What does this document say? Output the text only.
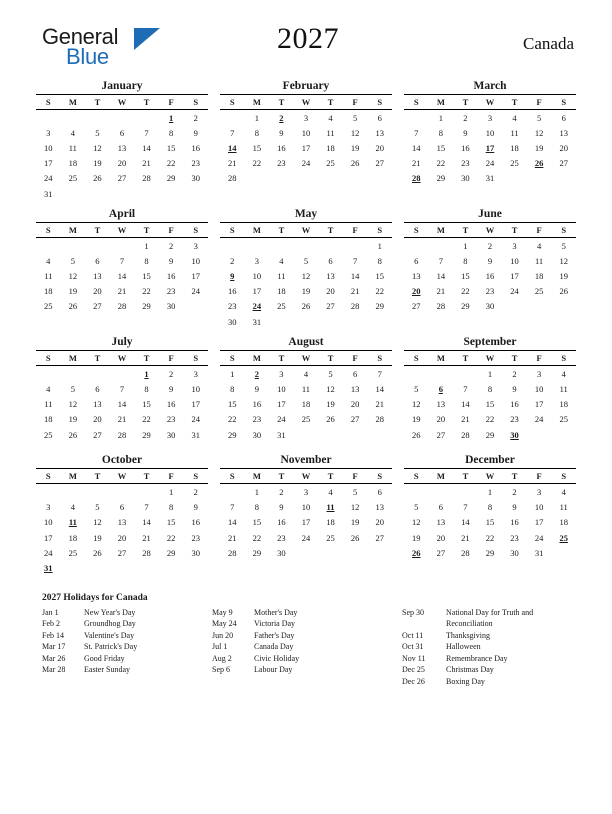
General
Blue
2027	Canada
January
S	M	T	W	T	F	S
					1	2
3	4	5	6	7	8	9
10	11	12	13	14	15	16
17	18	19	20	21	22	23
24	25	26	27	28	29	30
31						
February
S	M	T	W	T	F	S
	1	2	3	4	5	6
7	8	9	10	11	12	13
14	15	16	17	18	19	20
21	22	23	24	25	26	27
28						

March
S	M	T	W	T	F	S
	1	2	3	4	5	6
7	8	9	10	11	12	13
14	15	16	17	18	19	20
21	22	23	24	25	26	27
28	29	30	31			

April
S	M	T	W	T	F	S
				1	2	3
4	5	6	7	8	9	10
11	12	13	14	15	16	17
18	19	20	21	22	23	24
25	26	27	28	29	30	

May
S	M	T	W	T	F	S
						1
2	3	4	5	6	7	8
9	10	11	12	13	14	15
16	17	18	19	20	21	22
23	24	25	26	27	28	29
30	31					
June
S	M	T	W	T	F	S
		1	2	3	4	5
6	7	8	9	10	11	12
13	14	15	16	17	18	19
20	21	22	23	24	25	26
27	28	29	30			

July
S	M	T	W	T	F	S
				1	2	3
4	5	6	7	8	9	10
11	12	13	14	15	16	17
18	19	20	21	22	23	24
25	26	27	28	29	30	31

August
S	M	T	W	T	F	S
1	2	3	4	5	6	7
8	9	10	11	12	13	14
15	16	17	18	19	20	21
22	23	24	25	26	27	28
29	30	31				

September
S	M	T	W	T	F	S
			1	2	3	4
5	6	7	8	9	10	11
12	13	14	15	16	17	18
19	20	21	22	23	24	25
26	27	28	29	30		

October
S	M	T	W	T	F	S
					1	2
3	4	5	6	7	8	9
10	11	12	13	14	15	16
17	18	19	20	21	22	23
24	25	26	27	28	29	30
31						
November
S	M	T	W	T	F	S
	1	2	3	4	5	6
7	8	9	10	11	12	13
14	15	16	17	18	19	20
21	22	23	24	25	26	27
28	29	30				

December
S	M	T	W	T	F	S
			1	2	3	4
5	6	7	8	9	10	11
12	13	14	15	16	17	18
19	20	21	22	23	24	25
26	27	28	29	30	31	

2027 Holidays for Canada
Jan 1	New Year's Day
Feb 2	Groundhog Day
Feb 14	Valentine's Day
Mar 17	St. Patrick's Day
Mar 26	Good Friday
Mar 28	Easter Sunday
May 9	Mother's Day
May 24	Victoria Day
Jun 20	Father's Day
Jul 1	Canada Day
Aug 2	Civic Holiday
Sep 6	Labour Day
Sep 30	National Day for Truth and Reconciliation
Oct 11	Thanksgiving
Oct 31	Halloween
Nov 11	Remembrance Day
Dec 25	Christmas Day
Dec 26	Boxing Day
